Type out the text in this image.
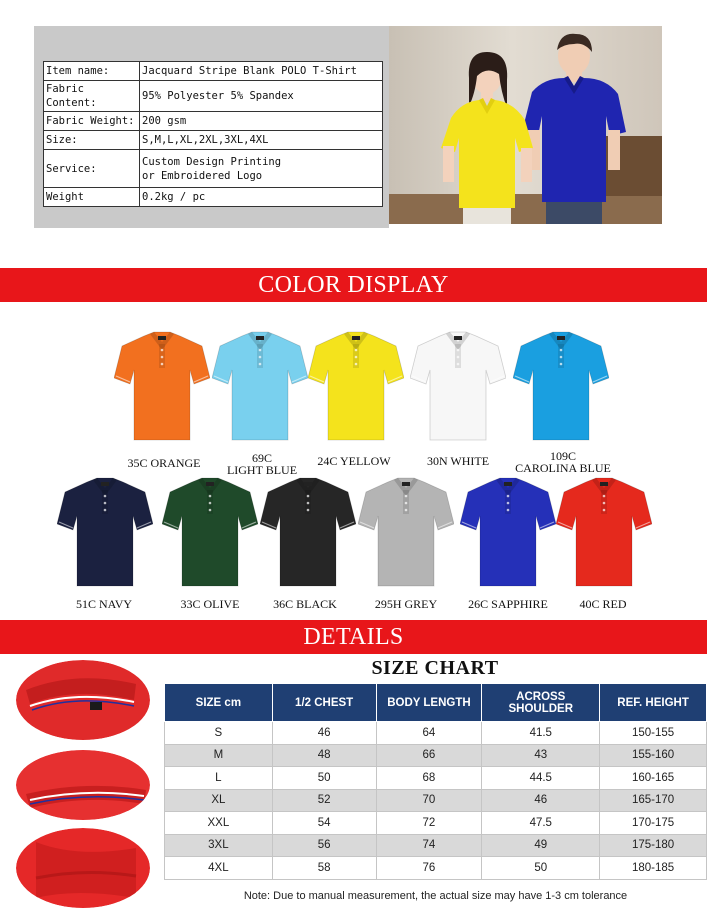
Item name:	Jacquard Stripe Blank POLO T-Shirt
Fabric Content:	95% Polyester 5% Spandex
Fabric Weight:	200 gsm
Size:	S,M,L,XL,2XL,3XL,4XL
Service:	Custom Design Printing
or Embroidered Logo

Weight	0.2kg / pc
COLOR DISPLAY
35C ORANGE	69C
LIGHT BLUE
24C YELLOW	30N WHITE	109C
CAROLINA BLUE
51C NAVY	33C OLIVE	36C BLACK	295H GREY	26C SAPPHIRE	40C RED
DETAILS
SIZE CHART
SIZE cm	1/2 CHEST	BODY LENGTH	ACROSS SHOULDER	REF. HEIGHT
S	46	64	41.5	150-155
M	48	66	43	155-160
L	50	68	44.5	160-165
XL	52	70	46	165-170
XXL	54	72	47.5	170-175
3XL	56	74	49	175-180
4XL	58	76	50	180-185
Note: Due to manual measurement, the actual size may have 1-3 cm tolerance
